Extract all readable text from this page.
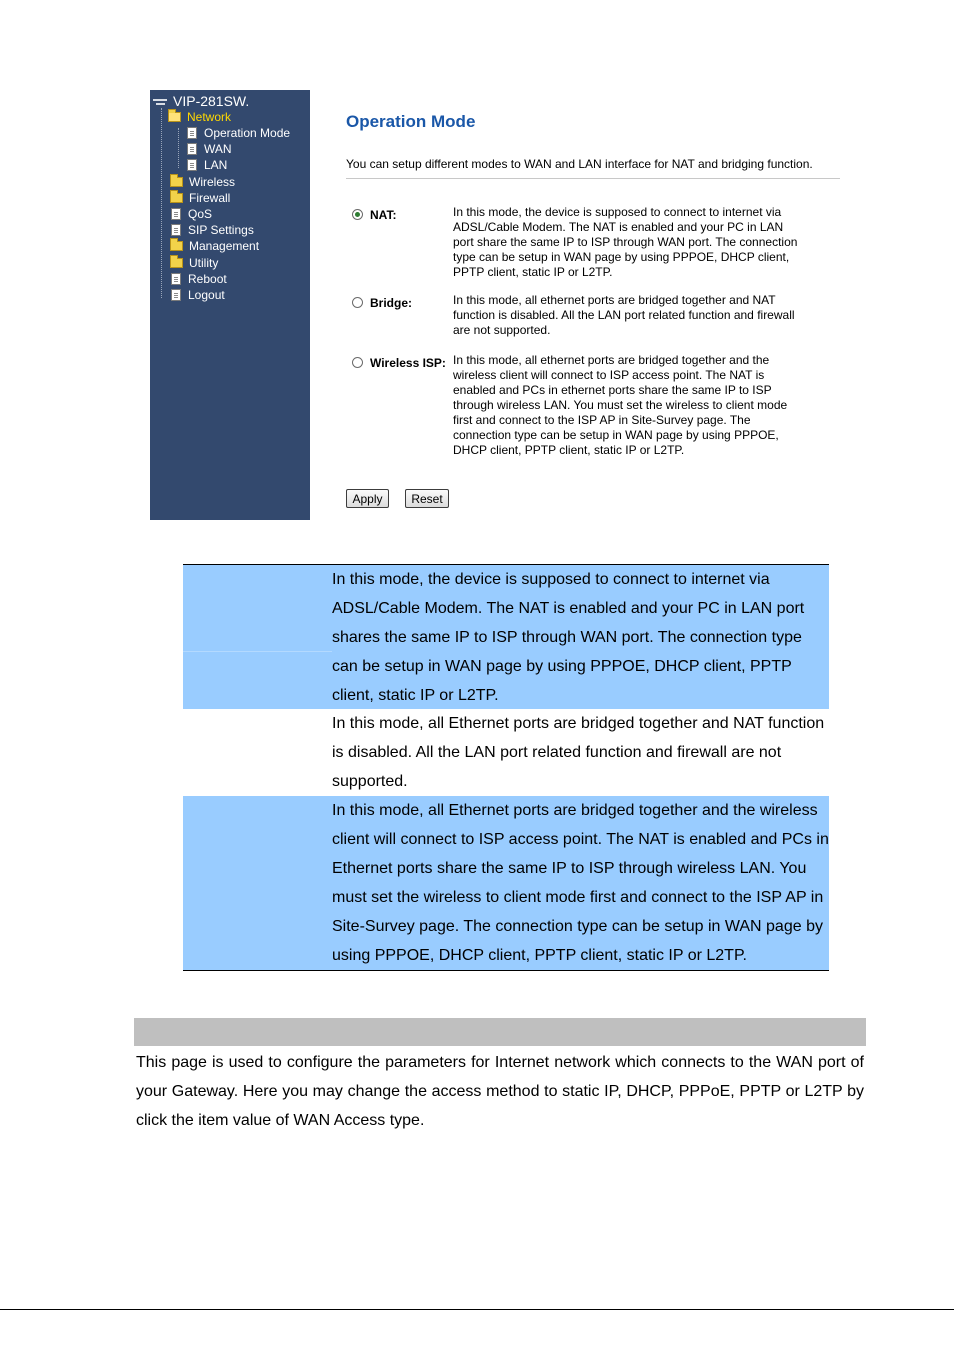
VIP-281SW.
Network
Operation Mode
WAN
LAN
Wireless
Firewall
QoS
SIP Settings
Management
Utility
Reboot
Logout
Operation Mode
You can setup different modes to WAN and LAN interface for NAT and bridging function.
NAT:	In this mode, the device is supposed to connect to internet via
ADSL/Cable Modem. The NAT is enabled and your PC in LAN
port share the same IP to ISP through WAN port. The connection
type can be setup in WAN page by using PPPOE, DHCP client,
PPTP client, static IP or L2TP.
Bridge:	In this mode, all ethernet ports are bridged together and NAT
function is disabled. All the LAN port related function and firewall
are not supported.
Wireless ISP: In this mode, all ethernet ports are bridged together and the
wireless client will connect to ISP access point. The NAT is
enabled and PCs in ethernet ports share the same IP to ISP
through wireless LAN. You must set the wireless to client mode
first and connect to the ISP AP in Site-Survey page. The
connection type can be setup in WAN page by using PPPOE,
DHCP client, PPTP client, static IP or L2TP.
Apply	Reset

In this mode, the device is supposed to connect to internet via

ADSL/Cable Modem. The NAT is enabled and your PC in LAN port

shares the same IP to ISP through WAN port. The connection type

can be setup in WAN page by using PPPOE, DHCP client, PPTP

client, static IP or L2TP.

In this mode, all Ethernet ports are bridged together and NAT function

is disabled. All the LAN port related function and firewall are not

supported.

In this mode, all Ethernet ports are bridged together and the wireless

client will connect to ISP access point. The NAT is enabled and PCs in

Ethernet ports share the same IP to ISP through wireless LAN. You

must set the wireless to client mode first and connect to the ISP AP in

Site-Survey page. The connection type can be setup in WAN page by

using PPPOE, DHCP client, PPTP client, static IP or L2TP.

This page is used to configure the parameters for Internet network which connects to the WAN port of your Gateway. Here you may change the access method to static IP, DHCP, PPPoE, PPTP or L2TP by click the item value of WAN Access type.
